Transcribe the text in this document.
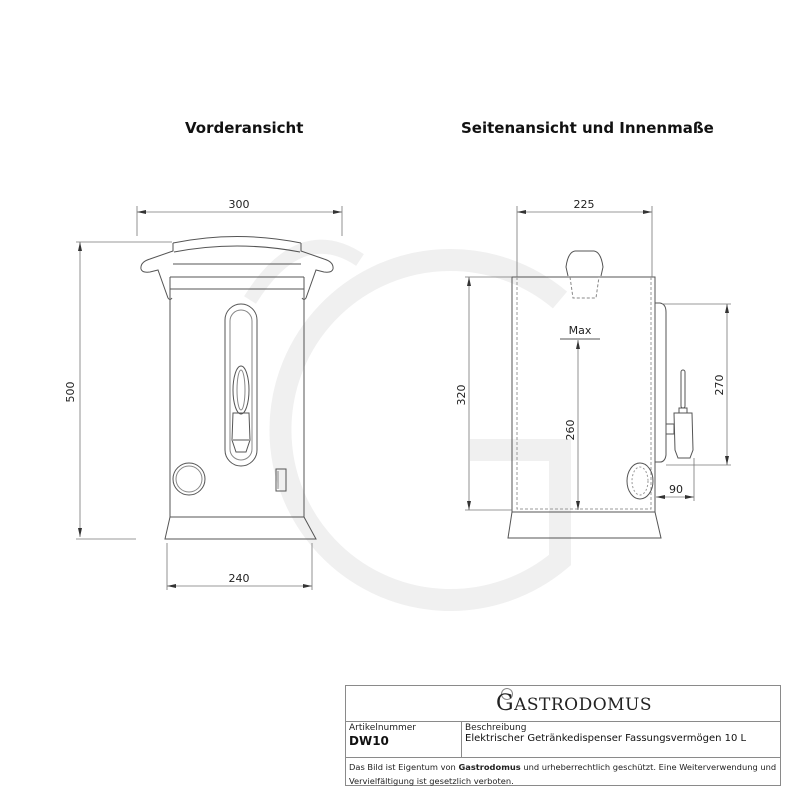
Vorderansicht	Seitenansicht und Innenmaße
300
500
240
225
320
Max
260
270
90
GASTRODOMUS
Artikelnummer
DW10
Beschreibung
Elektrischer Getränkedispenser Fassungsvermögen 10 L
Das Bild ist Eigentum von Gastrodomus und urheberrechtlich geschützt. Eine Weiterverwendung und Vervielfältigung ist gesetzlich verboten.
